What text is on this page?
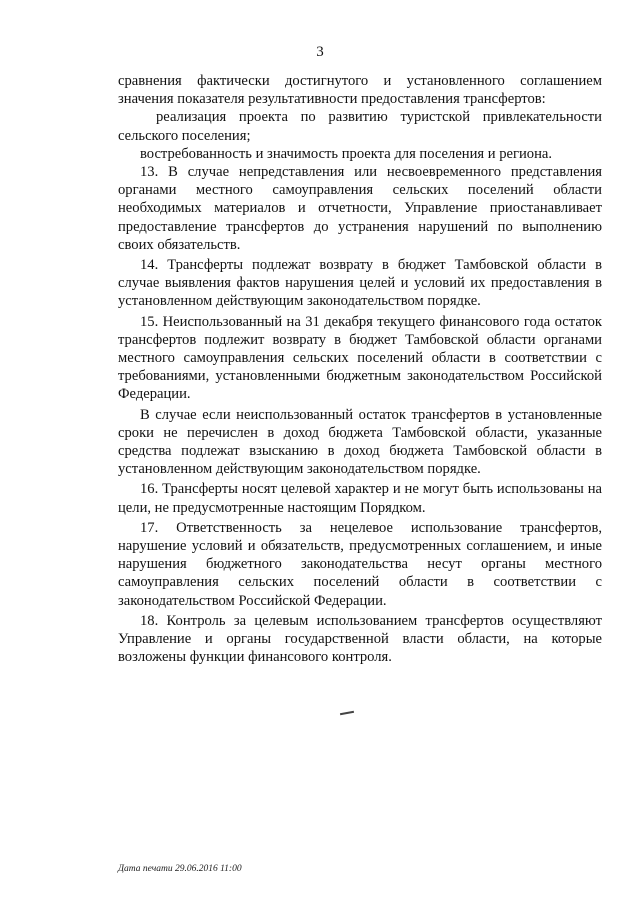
3

сравнения фактически достигнутого и установленного соглашением значения показателя результативности предоставления трансфертов:

реализация проекта по развитию туристской привлекательности сельского поселения;

востребованность и значимость проекта для поселения и региона.

13. В случае непредставления или несвоевременного представления органами местного самоуправления сельских поселений области необходимых материалов и отчетности, Управление приостанавливает предоставление трансфертов до устранения нарушений по выполнению своих обязательств.

14. Трансферты подлежат возврату в бюджет Тамбовской области в случае выявления фактов нарушения целей и условий их предоставления в установленном действующим законодательством порядке.

15. Неиспользованный на 31 декабря текущего финансового года остаток трансфертов подлежит возврату в бюджет Тамбовской области органами местного самоуправления сельских поселений области в соответствии с требованиями, установленными бюджетным законодательством Российской Федерации.

В случае если неиспользованный остаток трансфертов в установленные сроки не перечислен в доход бюджета Тамбовской области, указанные средства подлежат взысканию в доход бюджета Тамбовской области в установленном действующим законодательством порядке.

16. Трансферты носят целевой характер и не могут быть использованы на цели, не предусмотренные настоящим Порядком.

17. Ответственность за нецелевое использование трансфертов, нарушение условий и обязательств, предусмотренных соглашением, и иные нарушения бюджетного законодательства несут органы местного самоуправления сельских поселений области в соответствии с законодательством Российской Федерации.

18. Контроль за целевым использованием трансфертов осуществляют Управление и органы государственной власти области, на которые возложены функции финансового контроля.

Дата печати 29.06.2016 11:00
